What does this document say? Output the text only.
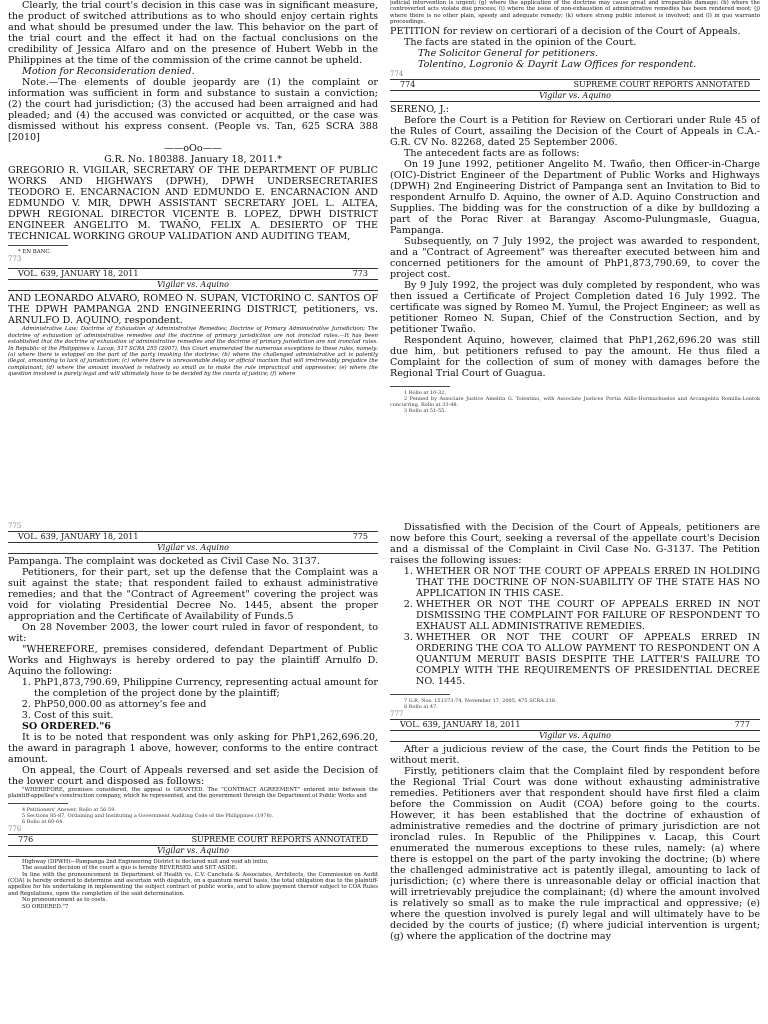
Clearly, the trial court's decision in this case was in significant measure, the product of switched attributions as to who should enjoy certain rights and what should be presumed under the law. This behavior on the part of the trial court and the effect it had on the factual conclusions on the credibility of Jessica Alfaro and on the presence of Hubert Webb in the Philippines at the time of the commission of the crime cannot be upheld.

Motion for Reconsideration denied.

Note.—The elements of double jeopardy are (1) the complaint or information was sufficient in form and substance to sustain a conviction; (2) the court had jurisdiction; (3) the accused had been arraigned and had pleaded; and (4) the accused was convicted or acquitted, or the case was dismissed without his express consent. (People vs. Tan, 625 SCRA 388 [2010]

——oOo——

G.R. No. 180388. January 18, 2011.*

GREGORIO R. VIGILAR, SECRETARY OF THE DEPARTMENT OF PUBLIC WORKS AND HIGHWAYS (DPWH), DPWH UNDERSECRETARIES TEODORO E. ENCARNACION AND EDMUNDO E. ENCARNACION AND EDMUNDO V. MIR, DPWH ASSISTANT SECRETARY JOEL L. ALTEA, DPWH REGIONAL DIRECTOR VICENTE B. LOPEZ, DPWH DISTRICT ENGINEER ANGELITO M. TWAÑO, FELIX A. DESIERTO OF THE TECHNICAL WORKING GROUP VALIDATION AND AUDITING TEAM,

* EN BANC.

773

VOL. 639, JANUARY 18, 2011	773
Vigilar vs. Aquino

AND LEONARDO ALVARO, ROMEO N. SUPAN, VICTORINO C. SANTOS OF THE DPWH PAMPANGA 2ND ENGINEERING DISTRICT, petitioners, vs. ARNULFO D. AQUINO, respondent.

Administrative Law; Doctrine of Exhaustion of Administrative Remedies; Doctrine of Primary Administrative Jurisdiction; The doctrine of exhaustion of administrative remedies and the doctrine of primary jurisdiction are not ironclad rules.—It has been established that the doctrine of exhaustion of administrative remedies and the doctrine of primary jurisdiction are not ironclad rules. In Republic of the Philippines v. Lacap, 517 SCRA 255 (2007), this Court enumerated the numerous exceptions to these rules, namely: (a) where there is estoppel on the part of the party invoking the doctrine; (b) where the challenged administrative act is patently illegal, amounting to lack of jurisdiction; (c) where there is unreasonable delay or official inaction that will irretrievably prejudice the complainant; (d) where the amount involved is relatively so small as to make the rule impractical and oppressive; (e) where the question involved is purely legal and will ultimately have to be decided by the courts of justice; (f) where

judicial intervention is urgent; (g) where the application of the doctrine may cause great and irreparable damage; (h) where the controverted acts violate due process; (i) where the issue of non-exhaustion of administrative remedies has been rendered moot; (j) where there is no other plain, speedy and adequate remedy; (k) where strong public interest is involved; and (l) in quo warranto proceedings.

PETITION for review on certiorari of a decision of the Court of Appeals.

The facts are stated in the opinion of the Court.

The Solicitor General for petitioners.

Tolentino, Logronio & Dayrit Law Offices for respondent.

774

774	SUPREME COURT REPORTS ANNOTATED
Vigilar vs. Aquino

SERENO, J.:

Before the Court is a Petition for Review on Certiorari under Rule 45 of the Rules of Court, assailing the Decision of the Court of Appeals in C.A.-G.R. CV No. 82268, dated 25 September 2006.

The antecedent facts are as follows:

On 19 June 1992, petitioner Angelito M. Twaño, then Officer-in-Charge (OIC)-District Engineer of the Department of Public Works and Highways (DPWH) 2nd Engineering District of Pampanga sent an Invitation to Bid to respondent Arnulfo D. Aquino, the owner of A.D. Aquino Construction and Supplies. The bidding was for the construction of a dike by bulldozing a part of the Porac River at Barangay Ascomo-Pulungmasle, Guagua, Pampanga.

Subsequently, on 7 July 1992, the project was awarded to respondent, and a "Contract of Agreement" was thereafter executed between him and concerned petitioners for the amount of PhP1,873,790.69, to cover the project cost.

By 9 July 1992, the project was duly completed by respondent, who was then issued a Certificate of Project Completion dated 16 July 1992. The certificate was signed by Romeo M. Yumul, the Project Engineer; as well as petitioner Romeo N. Supan, Chief of the Construction Section, and by petitioner Twaño.

Respondent Aquino, however, claimed that PhP1,262,696.20 was still due him, but petitioners refused to pay the amount. He thus filed a Complaint for the collection of sum of money with damages before the Regional Trial Court of Guagua.

1 Rollo at 10-32.

2 Penned by Associate Justice Amelita G. Tolentino, with Associate Justices Portia Aliño-Hormachuelos and Arcangelita Romilla-Lontok concurring, Rollo at 33-48.

3 Rollo at 51-55.

775

VOL. 639, JANUARY 18, 2011	775
Vigilar vs. Aquino

Pampanga. The complaint was docketed as Civil Case No. 3137.

Petitioners, for their part, set up the defense that the Complaint was a suit against the state; that respondent failed to exhaust administrative remedies; and that the "Contract of Agreement" covering the project was void for violating Presidential Decree No. 1445, absent the proper appropriation and the Certificate of Availability of Funds.5

On 28 November 2003, the lower court ruled in favor of respondent, to wit:

"WHEREFORE, premises considered, defendant Department of Public Works and Highways is hereby ordered to pay the plaintiff Arnulfo D. Aquino the following:

1. PhP1,873,790.69, Philippine Currency, representing actual amount for the completion of the project done by the plaintiff;
2. PhP50,000.00 as attorney's fee and
3. Cost of this suit.

SO ORDERED."6

It is to be noted that respondent was only asking for PhP1,262,696.20, the award in paragraph 1 above, however, conforms to the entire contract amount.

On appeal, the Court of Appeals reversed and set aside the Decision of the lower court and disposed as follows:

"WHEREFORE, premises considered, the appeal is GRANTED. The "CONTRACT AGREEMENT" entered into between the plaintiff-appellee's construction company, which he represented, and the government through the Department of Public Works and

4 Petitioners' Answer, Rollo at 56-59.

5 Sections 85-87, Ordaining and Instituting a Government Auditing Code of the Philippines (1978).

6 Rollo at 60-64.

776

776	SUPREME COURT REPORTS ANNOTATED
Vigilar vs. Aquino

Highway (DPWH)—Pampanga 2nd Engineering District is declared null and void ab initio.

The assailed decision of the court a quo is hereby REVERSED and SET ASIDE.

In line with the pronouncement in Department of Health vs. C.V. Canchela & Associates, Architects, the Commission on Audit (COA) is hereby ordered to determine and ascertain with dispatch, on a quantum meruit basis, the total obligation due to the plaintiff-appellee for his undertaking in implementing the subject contract of public works, and to allow payment thereof subject to COA Rules and Regulations, upon the completion of the said determination.

No pronouncement as to costs.

SO ORDERED."7

Dissatisfied with the Decision of the Court of Appeals, petitioners are now before this Court, seeking a reversal of the appellate court's Decision and a dismissal of the Complaint in Civil Case No. G-3137. The Petition raises the following issues:

1. WHETHER OR NOT THE COURT OF APPEALS ERRED IN HOLDING THAT THE DOCTRINE OF NON-SUABILITY OF THE STATE HAS NO APPLICATION IN THIS CASE.
2. WHETHER OR NOT THE COURT OF APPEALS ERRED IN NOT DISMISSING THE COMPLAINT FOR FAILURE OF RESPONDENT TO EXHAUST ALL ADMINISTRATIVE REMEDIES.
3. WHETHER OR NOT THE COURT OF APPEALS ERRED IN ORDERING THE COA TO ALLOW PAYMENT TO RESPONDENT ON A QUANTUM MERUIT BASIS DESPITE THE LATTER'S FAILURE TO COMPLY WITH THE REQUIREMENTS OF PRESIDENTIAL DECREE NO. 1445.

7 G.R. Nos. 151373-74, November 17, 2005, 475 SCRA 218.

8 Rollo at 47.

777

VOL. 639, JANUARY 18, 2011	777
Vigilar vs. Aquino

After a judicious review of the case, the Court finds the Petition to be without merit.

Firstly, petitioners claim that the Complaint filed by respondent before the Regional Trial Court was done without exhausting administrative remedies. Petitioners aver that respondent should have first filed a claim before the Commission on Audit (COA) before going to the courts. However, it has been established that the doctrine of exhaustion of administrative remedies and the doctrine of primary jurisdiction are not ironclad rules. In Republic of the Philippines v. Lacap, this Court enumerated the numerous exceptions to these rules, namely: (a) where there is estoppel on the part of the party invoking the doctrine; (b) where the challenged administrative act is patently illegal, amounting to lack of jurisdiction; (c) where there is unreasonable delay or official inaction that will irretrievably prejudice the complainant; (d) where the amount involved is relatively so small as to make the rule impractical and oppressive; (e) where the question involved is purely legal and will ultimately have to be decided by the courts of justice; (f) where judicial intervention is urgent; (g) where the application of the doctrine may
